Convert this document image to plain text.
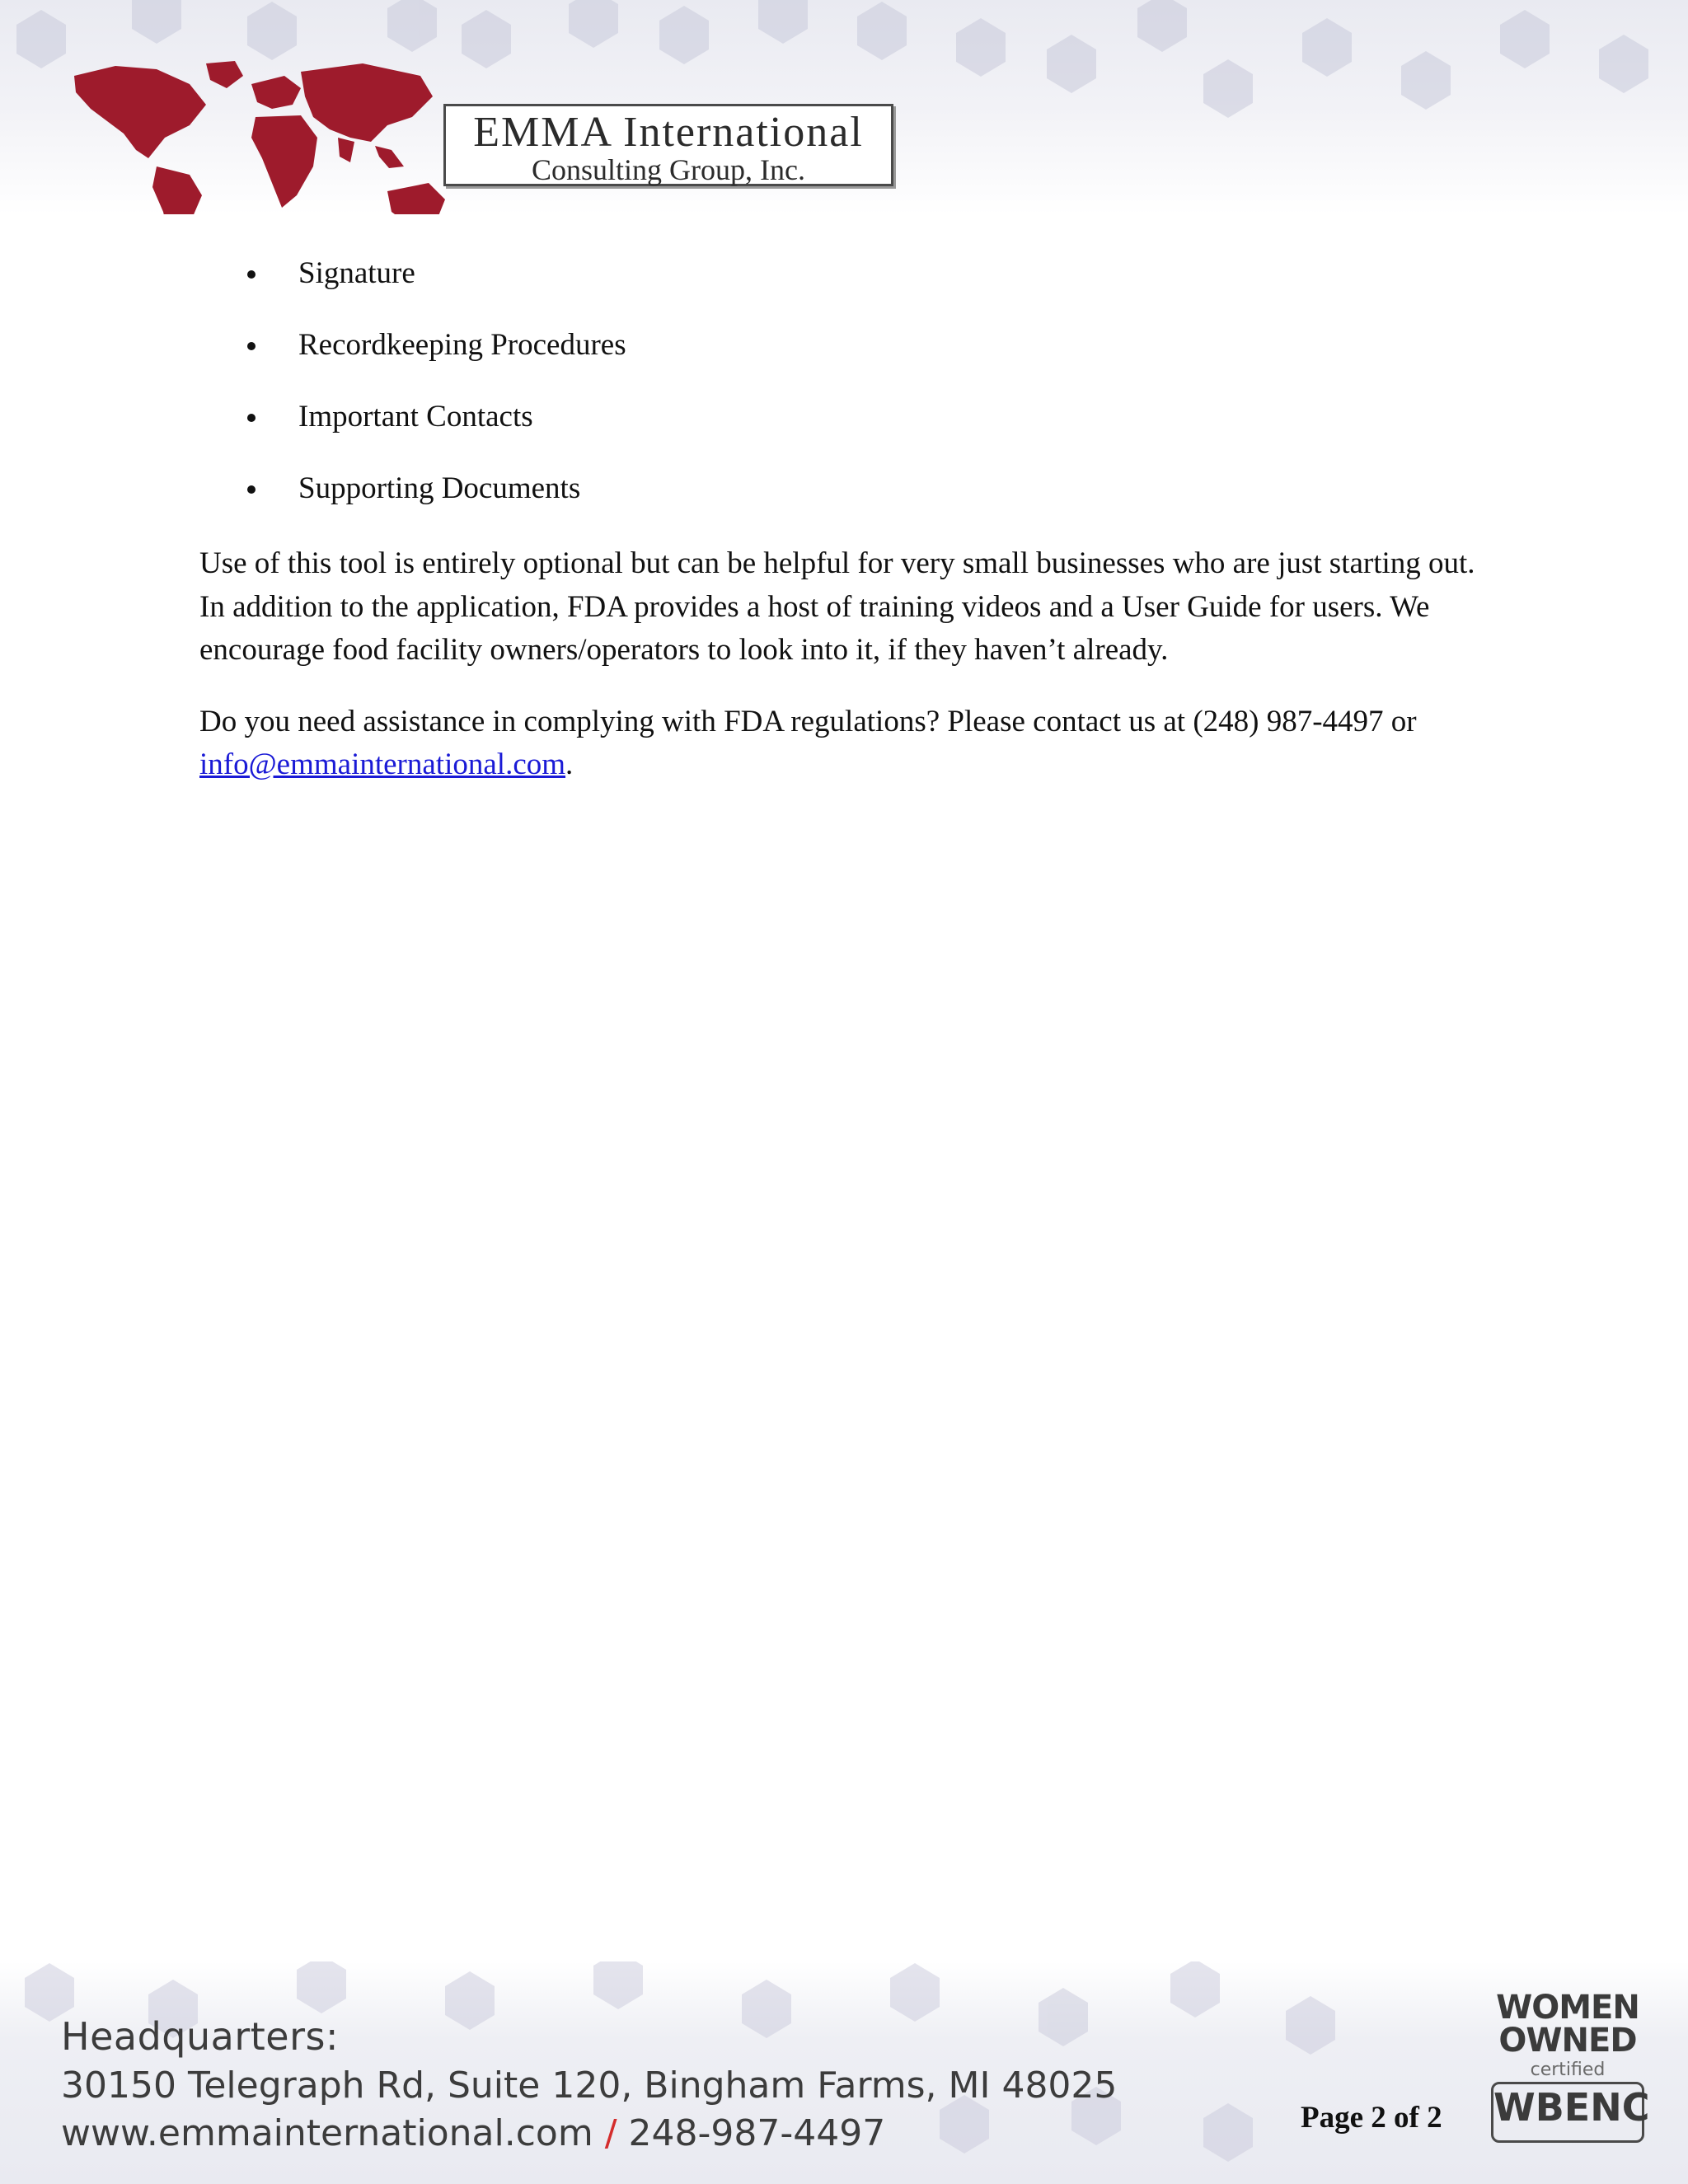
EMMA International
Consulting Group, Inc.
Signature
Recordkeeping Procedures
Important Contacts
Supporting Documents

Use of this tool is entirely optional but can be helpful for very small businesses who are just starting out. In addition to the application, FDA provides a host of training videos and a User Guide for users. We encourage food facility owners/operators to look into it, if they haven’t already.

Do you need assistance in complying with FDA regulations? Please contact us at (248) 987-4497 or info@emmainternational.com.

Headquarters:
30150 Telegraph Rd, Suite 120, Bingham Farms, MI 48025
www.emmainternational.com / 248-987-4497	Page 2 of 2
WOMEN
OWNED
certified
WBENC
